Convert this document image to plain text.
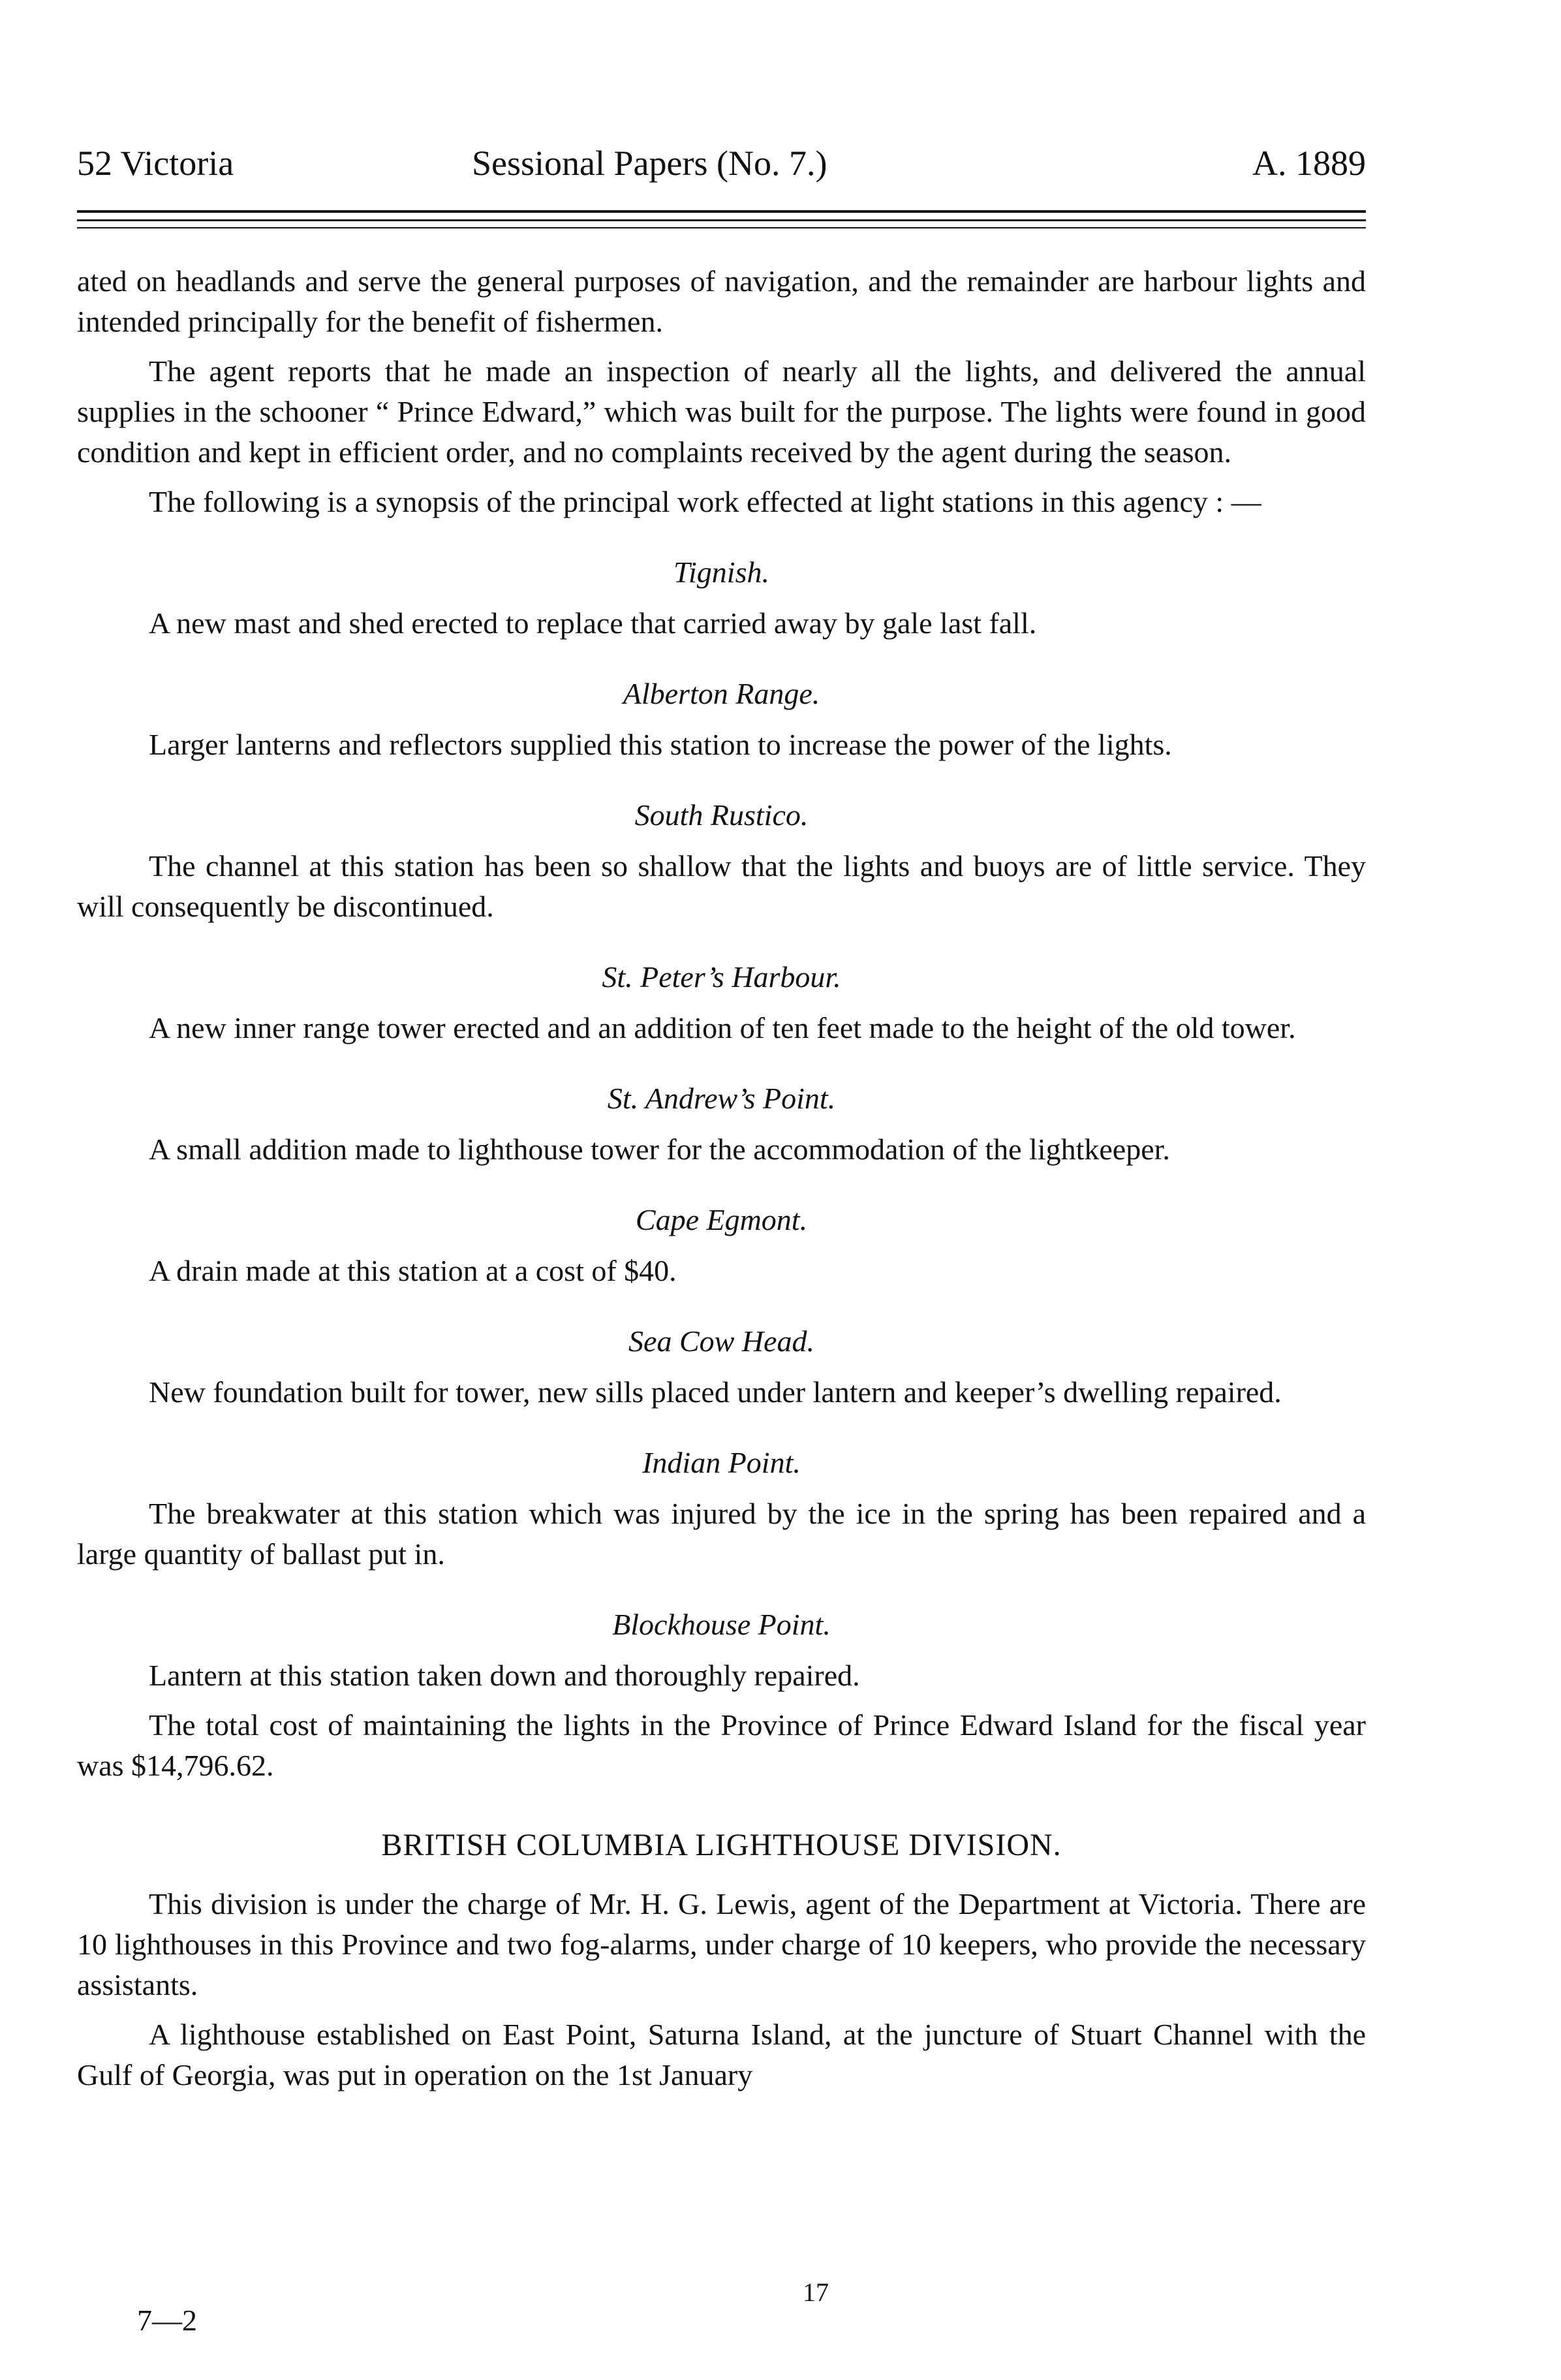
52 Victoria	Sessional Papers (No. 7.)	A. 1889

ated on headlands and serve the general purposes of navigation, and the remainder are harbour lights and intended principally for the benefit of fishermen.

The agent reports that he made an inspection of nearly all the lights, and delivered the annual supplies in the schooner “ Prince Edward,” which was built for the purpose. The lights were found in good condition and kept in efficient order, and no complaints received by the agent during the season.

The following is a synopsis of the principal work effected at light stations in this agency : —

Tignish.

A new mast and shed erected to replace that carried away by gale last fall.

Alberton Range.

Larger lanterns and reflectors supplied this station to increase the power of the lights.

South Rustico.

The channel at this station has been so shallow that the lights and buoys are of little service. They will consequently be discontinued.

St. Peter’s Harbour.

A new inner range tower erected and an addition of ten feet made to the height of the old tower.

St. Andrew’s Point.

A small addition made to lighthouse tower for the accommodation of the lightkeeper.

Cape Egmont.

A drain made at this station at a cost of $40.

Sea Cow Head.

New foundation built for tower, new sills placed under lantern and keeper’s dwelling repaired.

Indian Point.

The breakwater at this station which was injured by the ice in the spring has been repaired and a large quantity of ballast put in.

Blockhouse Point.

Lantern at this station taken down and thoroughly repaired.

The total cost of maintaining the lights in the Province of Prince Edward Island for the fiscal year was $14,796.62.

BRITISH COLUMBIA LIGHTHOUSE DIVISION.

This division is under the charge of Mr. H. G. Lewis, agent of the Department at Victoria. There are 10 lighthouses in this Province and two fog-alarms, under charge of 10 keepers, who provide the necessary assistants.

A lighthouse established on East Point, Saturna Island, at the juncture of Stuart Channel with the Gulf of Georgia, was put in operation on the 1st January

17
7—2
